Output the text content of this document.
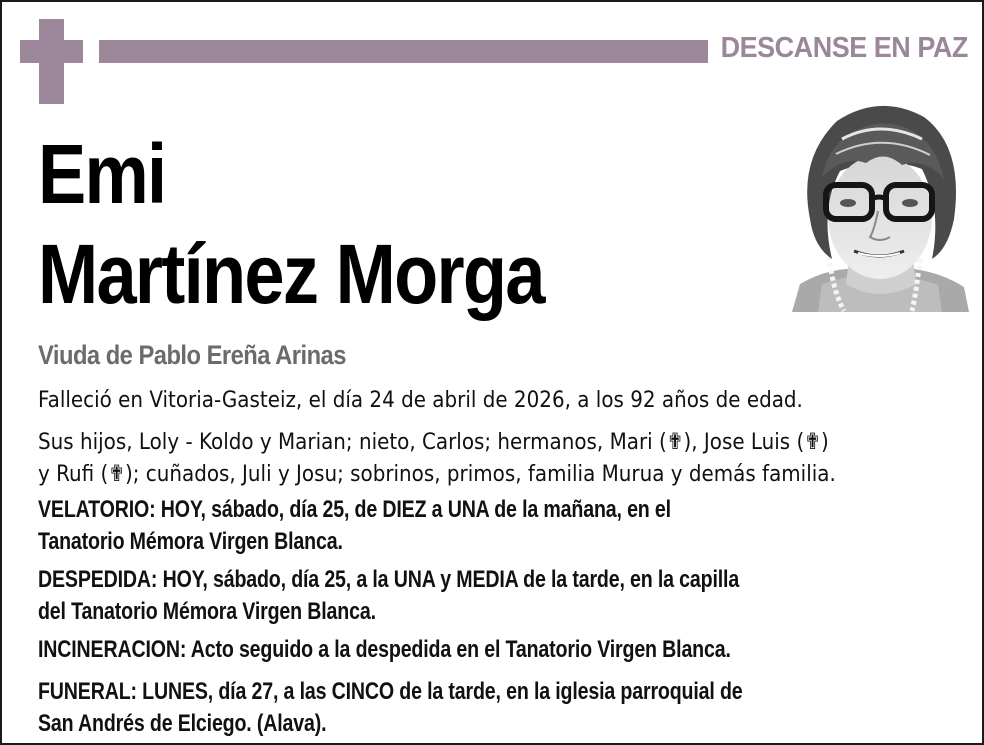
DESCANSE EN PAZ
Emi
Martínez Morga
Viuda de Pablo Ereña Arinas
Falleció en Vitoria-Gasteiz, el día 24 de abril de 2026, a los 92 años de edad.
Sus hijos, Loly - Koldo y Marian; nieto, Carlos; hermanos, Mari (✟), Jose Luis (✟)
y Rufi (✟); cuñados, Juli y Josu; sobrinos, primos, familia Murua y demás familia.
VELATORIO: HOY, sábado, día 25, de DIEZ a UNA de la mañana, en el
Tanatorio Mémora Virgen Blanca.
DESPEDIDA: HOY, sábado, día 25, a la UNA y MEDIA de la tarde, en la capilla
del Tanatorio Mémora Virgen Blanca.
INCINERACION: Acto seguido a la despedida en el Tanatorio Virgen Blanca.
FUNERAL: LUNES, día 27, a las CINCO de la tarde, en la iglesia parroquial de
San Andrés de Elciego. (Alava).
